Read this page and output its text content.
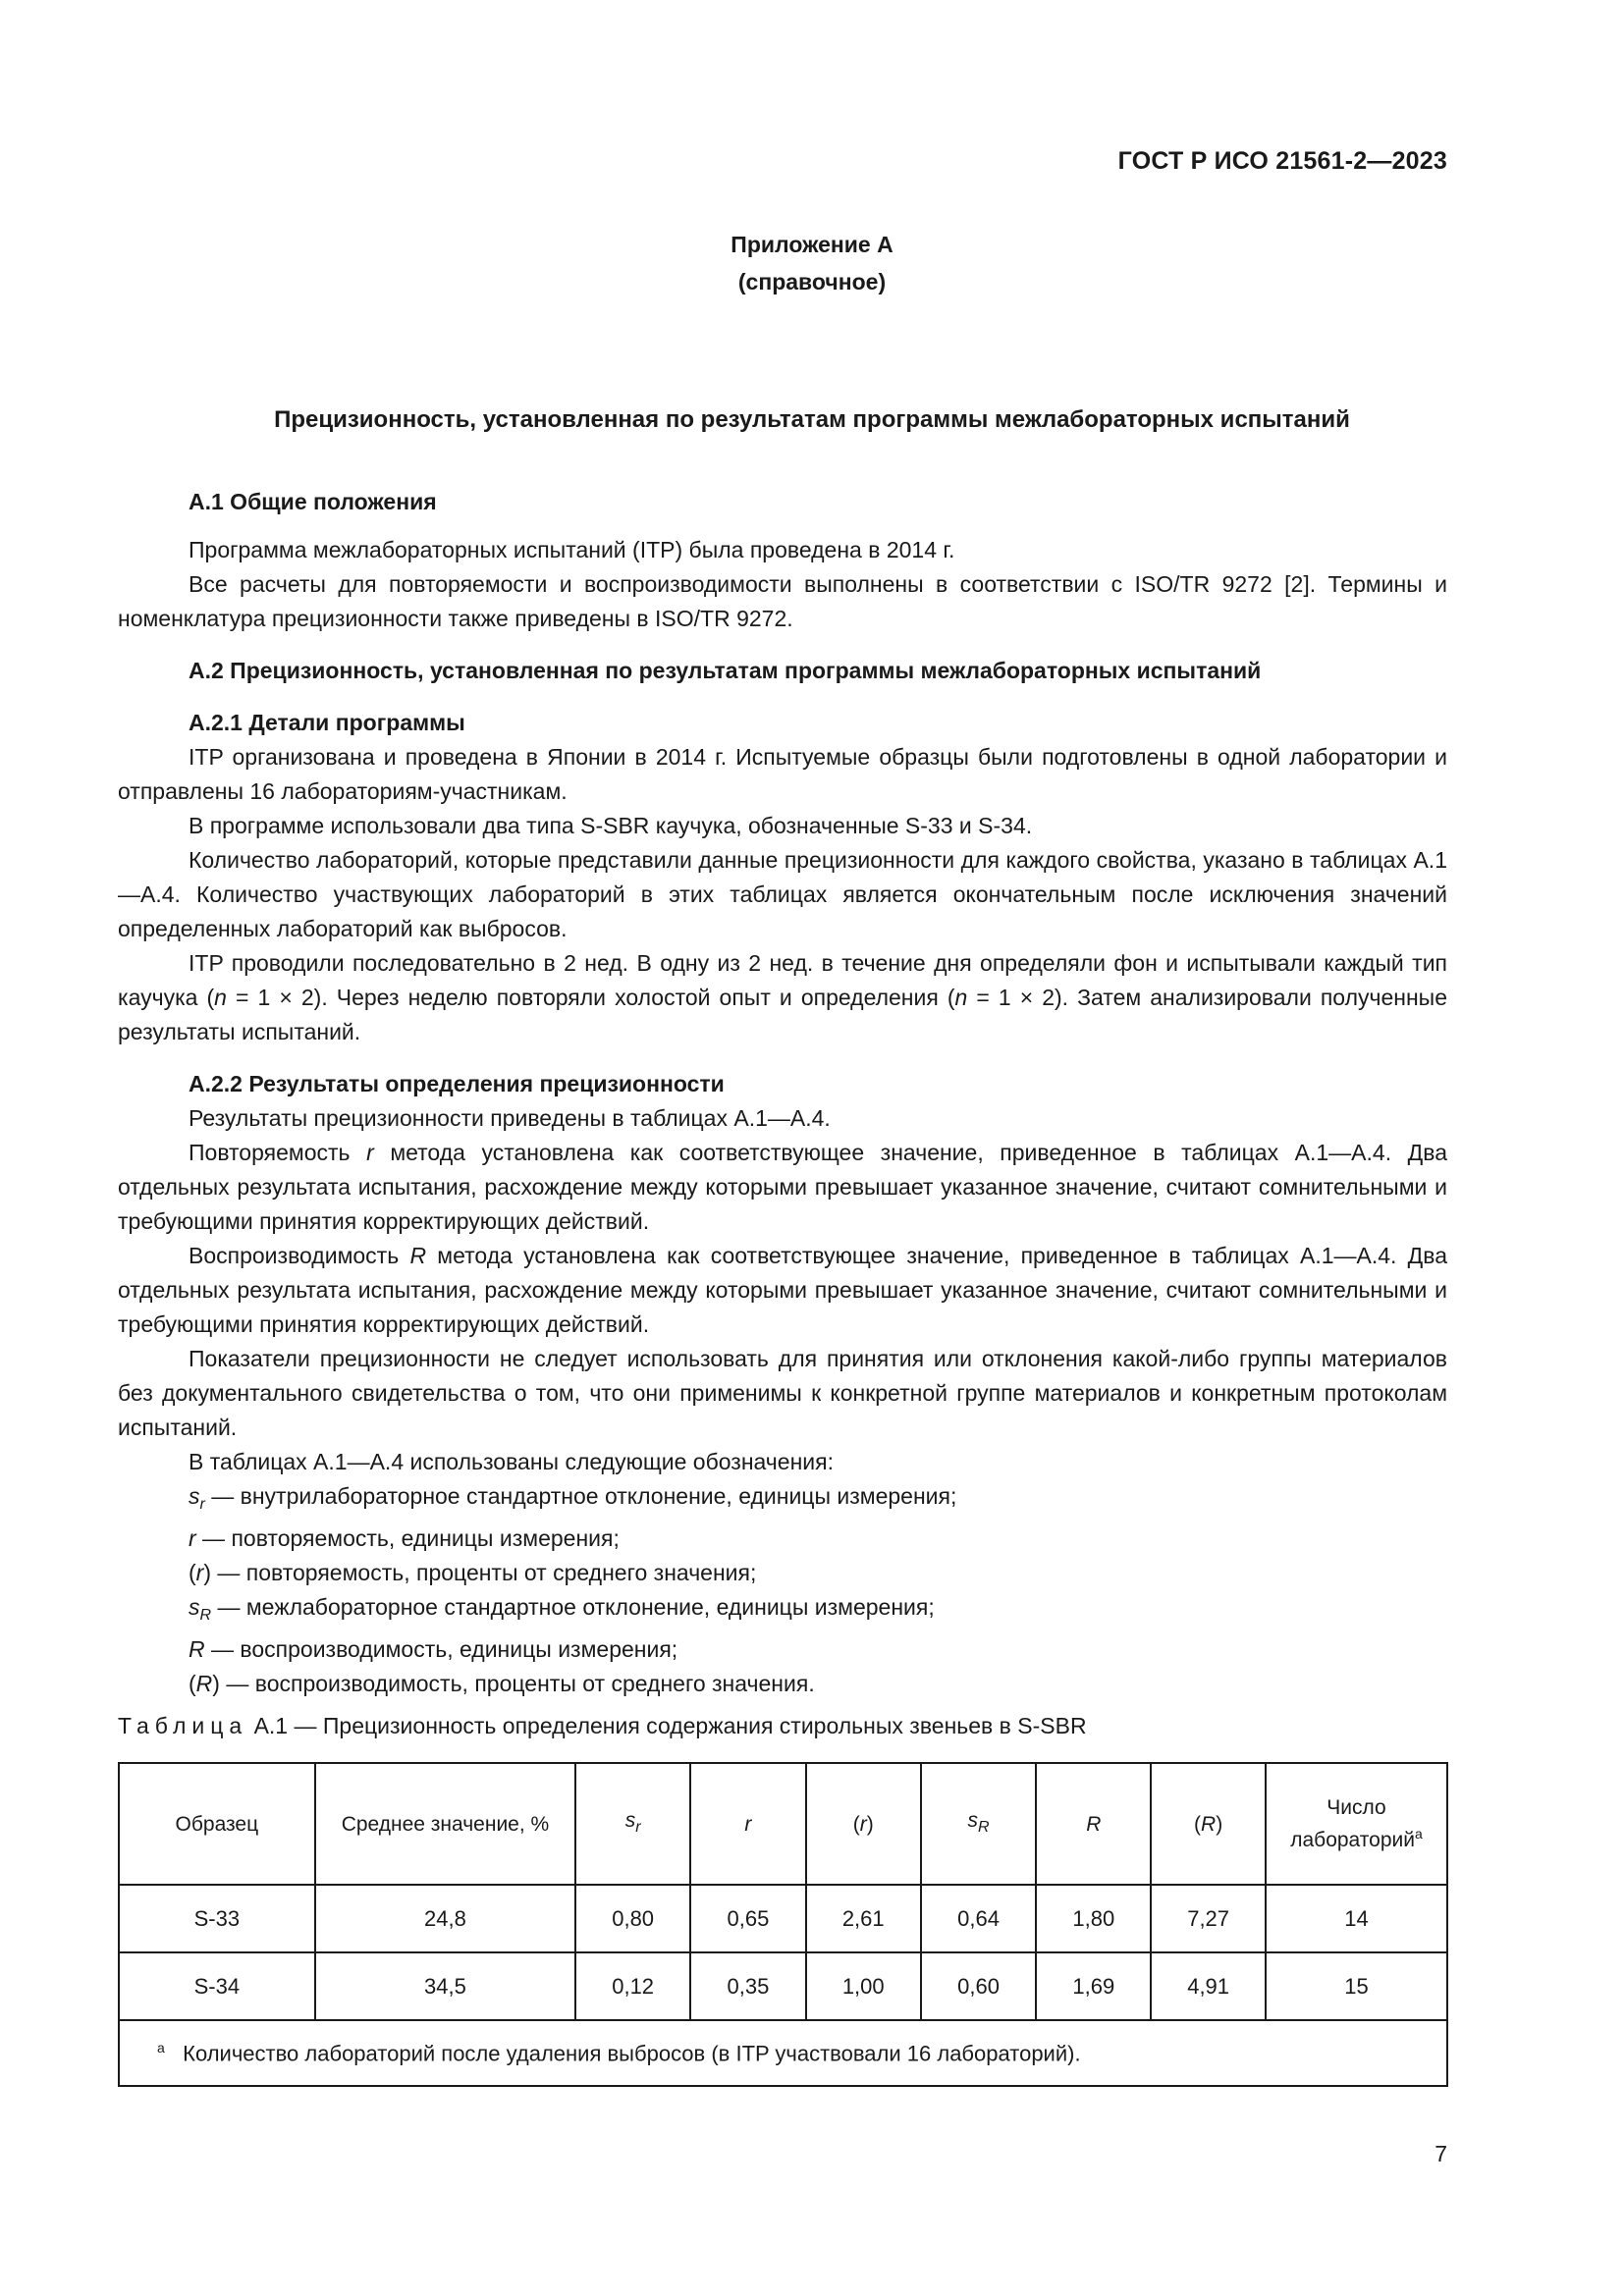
ГОСТ Р ИСО 21561-2—2023
Приложение А
(справочное)
Прецизионность, установленная по результатам программы межлабораторных испытаний
А.1 Общие положения

Программа межлабораторных испытаний (ITP) была проведена в 2014 г.

Все расчеты для повторяемости и воспроизводимости выполнены в соответствии с ISO/TR 9272 [2]. Термины и номенклатура прецизионности также приведены в ISO/TR 9272.

А.2 Прецизионность, установленная по результатам программы межлабораторных испытаний
А.2.1 Детали программы

ITP организована и проведена в Японии в 2014 г. Испытуемые образцы были подготовлены в одной лаборатории и отправлены 16 лабораториям-участникам.

В программе использовали два типа S-SBR каучука, обозначенные S-33 и S-34.

Количество лабораторий, которые представили данные прецизионности для каждого свойства, указано в таблицах А.1—А.4. Количество участвующих лабораторий в этих таблицах является окончательным после исключения значений определенных лабораторий как выбросов.

ITP проводили последовательно в 2 нед. В одну из 2 нед. в течение дня определяли фон и испытывали каждый тип каучука (n = 1 × 2). Через неделю повторяли холостой опыт и определения (n = 1 × 2). Затем анализировали полученные результаты испытаний.

А.2.2 Результаты определения прецизионности

Результаты прецизионности приведены в таблицах А.1—А.4.

Повторяемость r метода установлена как соответствующее значение, приведенное в таблицах А.1—А.4. Два отдельных результата испытания, расхождение между которыми превышает указанное значение, считают сомнительными и требующими принятия корректирующих действий.

Воспроизводимость R метода установлена как соответствующее значение, приведенное в таблицах А.1—А.4. Два отдельных результата испытания, расхождение между которыми превышает указанное значение, считают сомнительными и требующими принятия корректирующих действий.

Показатели прецизионности не следует использовать для принятия или отклонения какой-либо группы материалов без документального свидетельства о том, что они применимы к конкретной группе материалов и конкретным протоколам испытаний.

В таблицах А.1—А.4 использованы следующие обозначения:

$s_r$ — внутрилабораторное стандартное отклонение, единицы измерения;

r — повторяемость, единицы измерения;

(r) — повторяемость, проценты от среднего значения;

$s_R$ — межлабораторное стандартное отклонение, единицы измерения;

R — воспроизводимость, единицы измерения;

(R) — воспроизводимость, проценты от среднего значения.

Таблица А.1 — Прецизионность определения содержания стирольных звеньев в S-SBR
Образец	Среднее значение, %	$s_r$	r	(r)	$s_R$	R	(R)	Число лабораторий$^a$
S-33	24,8	0,80	0,65	2,61	0,64	1,80	7,27	14
S-34	34,5	0,12	0,35	1,00	0,60	1,69	4,91	15
$^a$ Количество лабораторий после удаления выбросов (в ITP участвовали 16 лабораторий).								
7
